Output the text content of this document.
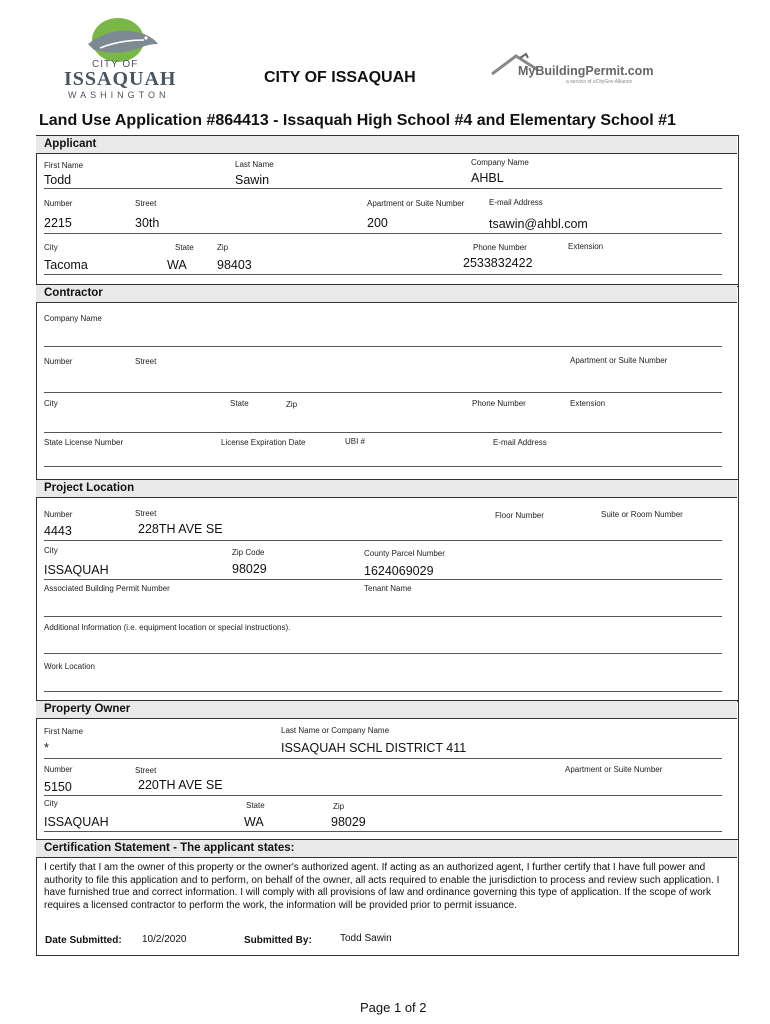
CITY OF
ISSAQUAH
WASHINGTON
CITY OF ISSAQUAH	MyBuildingPermit.com
a service of eCityGov Alliance
Land Use Application #864413 - Issaquah High School #4 and Elementary School #1
Applicant
First Name	Last Name	Company Name
Todd	Sawin	AHBL
Number	Street	Apartment or Suite Number	E-mail Address
2215	30th	200	tsawin@ahbl.com
City	State	Zip	Phone Number	Extension
Tacoma	WA 98403	2533832422
Contractor
Company Name
Number	Street	Apartment or Suite Number
City	State	Zip	Phone Number	Extension
State License Number	License Expiration Date	UBI #	E-mail Address
Project Location
Number	Street	Floor Number	Suite or Room Number
4443	228TH AVE SE
City	Zip Code	County Parcel Number
ISSAQUAH	98029	1624069029
Associated Building Permit Number	Tenant Name
Additional Information (i.e. equipment location or special instructions).
Work Location
Property Owner
First Name	Last Name or Company Name
*	ISSAQUAH SCHL DISTRICT 411
Number	Street	Apartment or Suite Number
5150	220TH AVE SE
City	State	Zip
ISSAQUAH	WA	98029
Certification Statement - The applicant states:
I certify that I am the owner of this property or the owner's authorized agent. If acting as an authorized agent, I further certify that I have full power and authority to file this application and to perform, on behalf of the owner, all acts required to enable the jurisdiction to process and review such application. I have furnished true and correct information. I will comply with all provisions of law and ordinance governing this type of application. If the scope of work requires a licensed contractor to perform the work, the information will be provided prior to permit issuance.
Date Submitted: 10/2/2020	Submitted By:	Todd Sawin
Page 1 of 2
